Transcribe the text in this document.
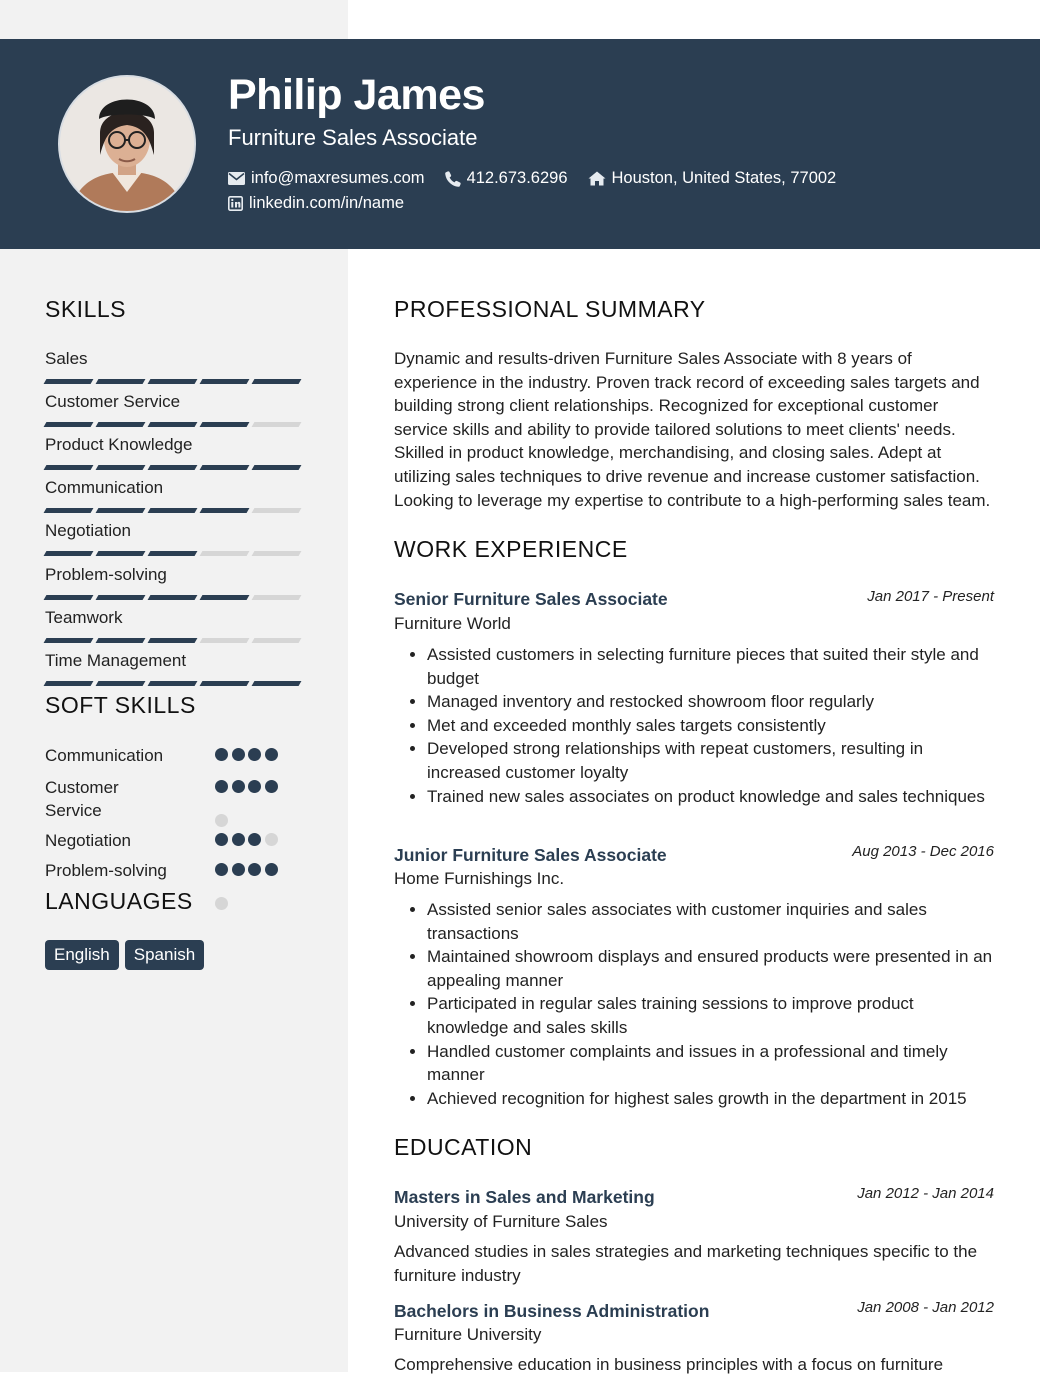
Philip James
Furniture Sales Associate
info@maxresumes.com	412.673.6296	Houston, United States, 77002
linkedin.com/in/name
SKILLS
Sales
Customer Service
Product Knowledge
Communication
Negotiation
Problem-solving
Teamwork
Time Management
SOFT SKILLS
Communication
Customer Service
Negotiation
Problem-solving
LANGUAGES
English	Spanish
PROFESSIONAL SUMMARY
Dynamic and results-driven Furniture Sales Associate with 8 years of experience in the industry. Proven track record of exceeding sales targets and building strong client relationships. Recognized for exceptional customer service skills and ability to provide tailored solutions to meet clients' needs. Skilled in product knowledge, merchandising, and closing sales. Adept at utilizing sales techniques to drive revenue and increase customer satisfaction. Looking to leverage my expertise to contribute to a high-performing sales team.
WORK EXPERIENCE
Senior Furniture Sales Associate	Jan 2017 - Present
Furniture World
• Assisted customers in selecting furniture pieces that suited their style and budget
• Managed inventory and restocked showroom floor regularly
• Met and exceeded monthly sales targets consistently
• Developed strong relationships with repeat customers, resulting in increased customer loyalty
• Trained new sales associates on product knowledge and sales techniques
Junior Furniture Sales Associate	Aug 2013 - Dec 2016
Home Furnishings Inc.
• Assisted senior sales associates with customer inquiries and sales transactions
• Maintained showroom displays and ensured products were presented in an appealing manner
• Participated in regular sales training sessions to improve product knowledge and sales skills
• Handled customer complaints and issues in a professional and timely manner
• Achieved recognition for highest sales growth in the department in 2015
EDUCATION
Masters in Sales and Marketing	Jan 2012 - Jan 2014
University of Furniture Sales
Advanced studies in sales strategies and marketing techniques specific to the furniture industry
Bachelors in Business Administration	Jan 2008 - Jan 2012
Furniture University
Comprehensive education in business principles with a focus on furniture
